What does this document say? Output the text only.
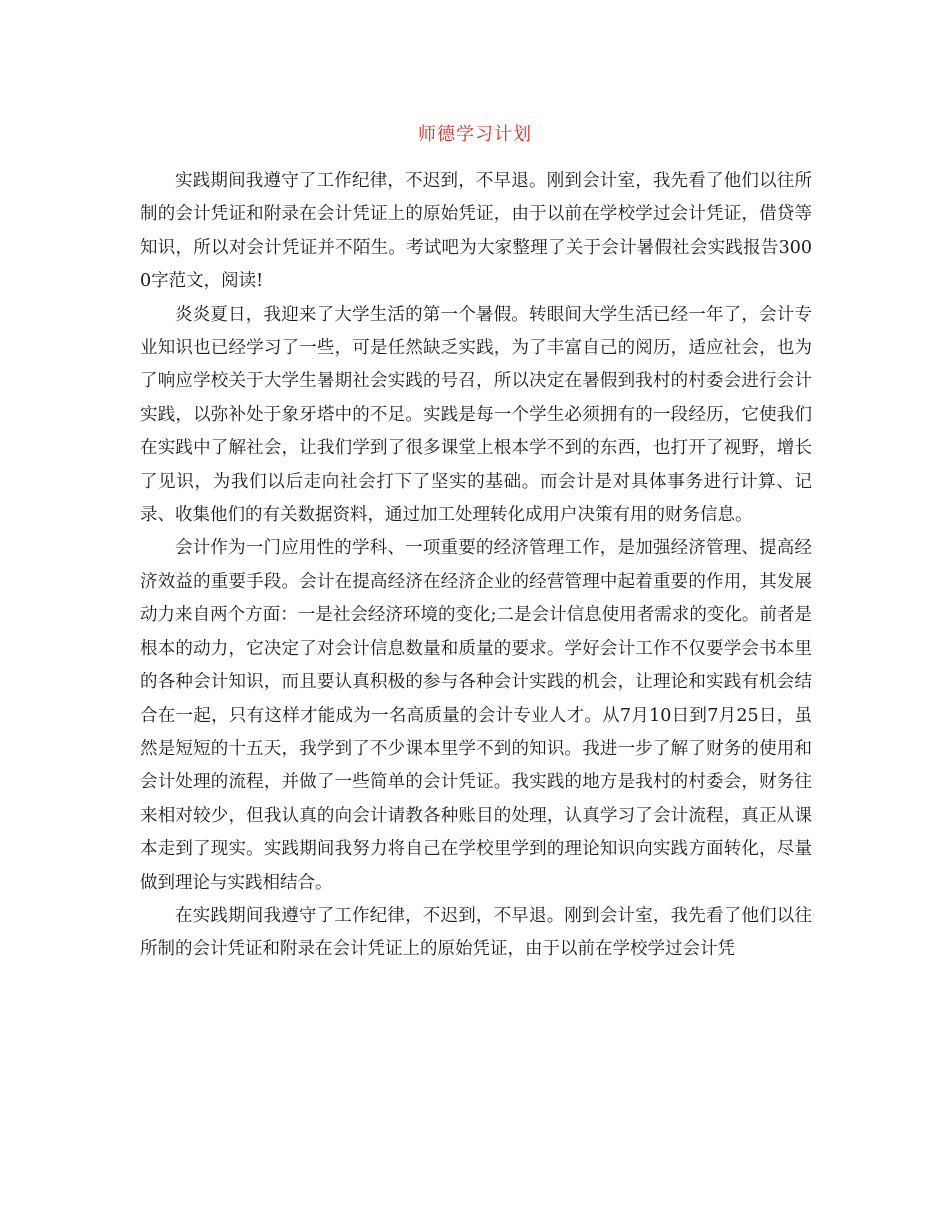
师德学习计划

实践期间我遵守了工作纪律，不迟到，不早退。刚到会计室，我先看了他们以往所制的会计凭证和附录在会计凭证上的原始凭证，由于以前在学校学过会计凭证，借贷等知识，所以对会计凭证并不陌生。考试吧为大家整理了关于会计暑假社会实践报告3000字范文，阅读!

炎炎夏日，我迎来了大学生活的第一个暑假。转眼间大学生活已经一年了，会计专业知识也已经学习了一些，可是任然缺乏实践，为了丰富自己的阅历，适应社会，也为了响应学校关于大学生暑期社会实践的号召，所以决定在暑假到我村的村委会进行会计实践，以弥补处于象牙塔中的不足。实践是每一个学生必须拥有的一段经历，它使我们在实践中了解社会，让我们学到了很多课堂上根本学不到的东西，也打开了视野，增长了见识，为我们以后走向社会打下了坚实的基础。而会计是对具体事务进行计算、记录、收集他们的有关数据资料，通过加工处理转化成用户决策有用的财务信息。

会计作为一门应用性的学科、一项重要的经济管理工作，是加强经济管理、提高经济效益的重要手段。会计在提高经济在经济企业的经营管理中起着重要的作用，其发展动力来自两个方面：一是社会经济环境的变化;二是会计信息使用者需求的变化。前者是根本的动力，它决定了对会计信息数量和质量的要求。学好会计工作不仅要学会书本里的各种会计知识，而且要认真积极的参与各种会计实践的机会，让理论和实践有机会结合在一起，只有这样才能成为一名高质量的会计专业人才。从7月10日到7月25日，虽然是短短的十五天，我学到了不少课本里学不到的知识。我进一步了解了财务的使用和会计处理的流程，并做了一些简单的会计凭证。我实践的地方是我村的村委会，财务往来相对较少，但我认真的向会计请教各种账目的处理，认真学习了会计流程，真正从课本走到了现实。实践期间我努力将自己在学校里学到的理论知识向实践方面转化，尽量做到理论与实践相结合。

在实践期间我遵守了工作纪律，不迟到，不早退。刚到会计室，我先看了他们以往所制的会计凭证和附录在会计凭证上的原始凭证，由于以前在学校学过会计凭
